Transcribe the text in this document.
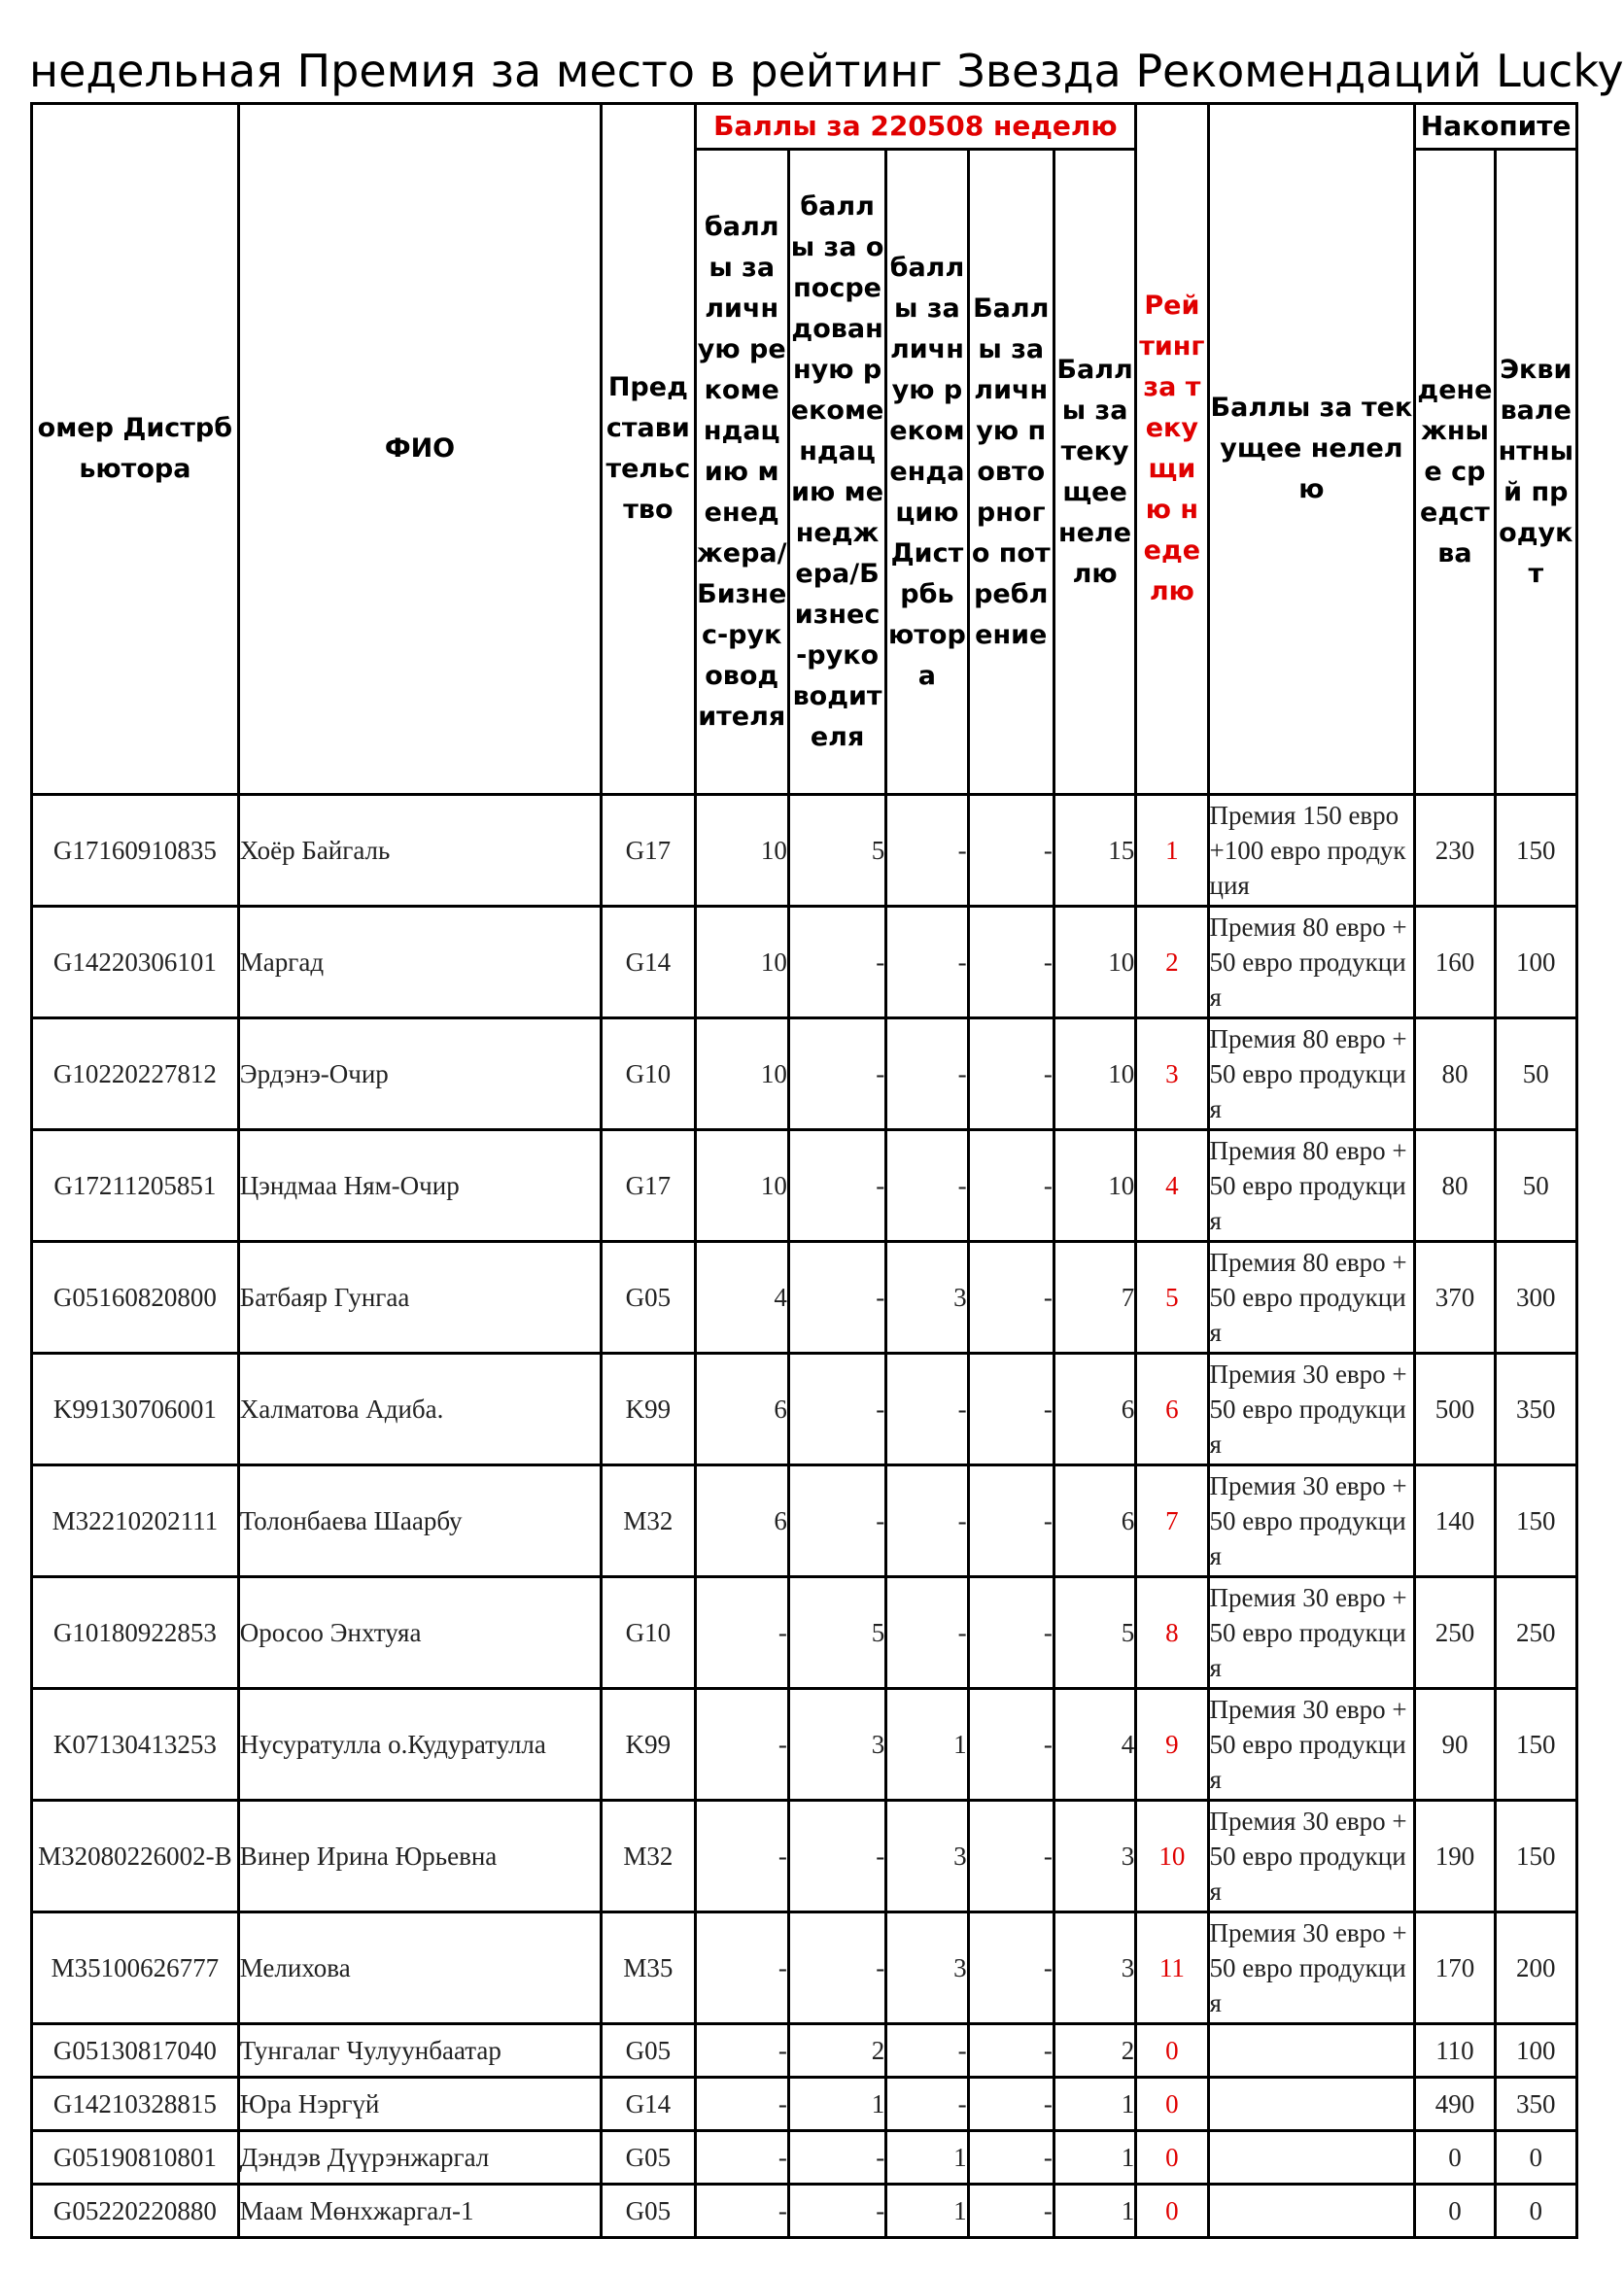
недельная Премия за место в рейтинг Звезда Рекомендаций Lucky
омер Дистрбьютора	ФИО	Представительство	Баллы за 220508 неделю					Рейтинг за текущию неделю	Баллы за текущее нелелю	Накопите	
			баллы за личную рекомендацию менеджера/Бизнес-руководителя	баллы за опосредованную рекомендацию менеджера/Бизнес-руководителя	баллы за личную рекомендацию Дистрбьютора	Баллы за личную повторного потребление	Баллы за текущее нелелю			денежные средства	Эквивалентный продукт
G17160910835	Хоёр Байгаль	G17	10	5	-	-	15	1	Премия 150 евро +100 евро продукция	230	150
G14220306101	Маргад	G14	10	-	-	-	10	2	Премия 80 евро +50 евро продукция	160	100
G10220227812	Эрдэнэ-Очир	G10	10	-	-	-	10	3	Премия 80 евро +50 евро продукция	80	50
G17211205851	Цэндмаа Ням-Очир	G17	10	-	-	-	10	4	Премия 80 евро +50 евро продукция	80	50
G05160820800	Батбаяр Гунгаа	G05	4	-	3	-	7	5	Премия 80 евро +50 евро продукция	370	300
K99130706001	Халматова Адиба.	K99	6	-	-	-	6	6	Премия 30 евро +50 евро продукция	500	350
M32210202111	Толонбаева Шаарбу	M32	6	-	-	-	6	7	Премия 30 евро +50 евро продукция	140	150
G10180922853	Оросоо Энхтуяа	G10	-	5	-	-	5	8	Премия 30 евро +50 евро продукция	250	250
K07130413253	Нусуратулла о.Кудуратулла	K99	-	3	1	-	4	9	Премия 30 евро +50 евро продукция	90	150
M32080226002-B	Винер Ирина Юрьевна	M32	-	-	3	-	3	10	Премия 30 евро +50 евро продукция	190	150
M35100626777	Мелихова	M35	-	-	3	-	3	11	Премия 30 евро +50 евро продукция	170	200
G05130817040	Тунгалаг Чулуунбаатар	G05	-	2	-	-	2	0		110	100
G14210328815	Юра Нэргүй	G14	-	1	-	-	1	0		490	350
G05190810801	Дэндэв Дүүрэнжаргал	G05	-	-	1	-	1	0		0	0
G05220220880	Маам Мөнхжаргал-1	G05	-	-	1	-	1	0		0	0
